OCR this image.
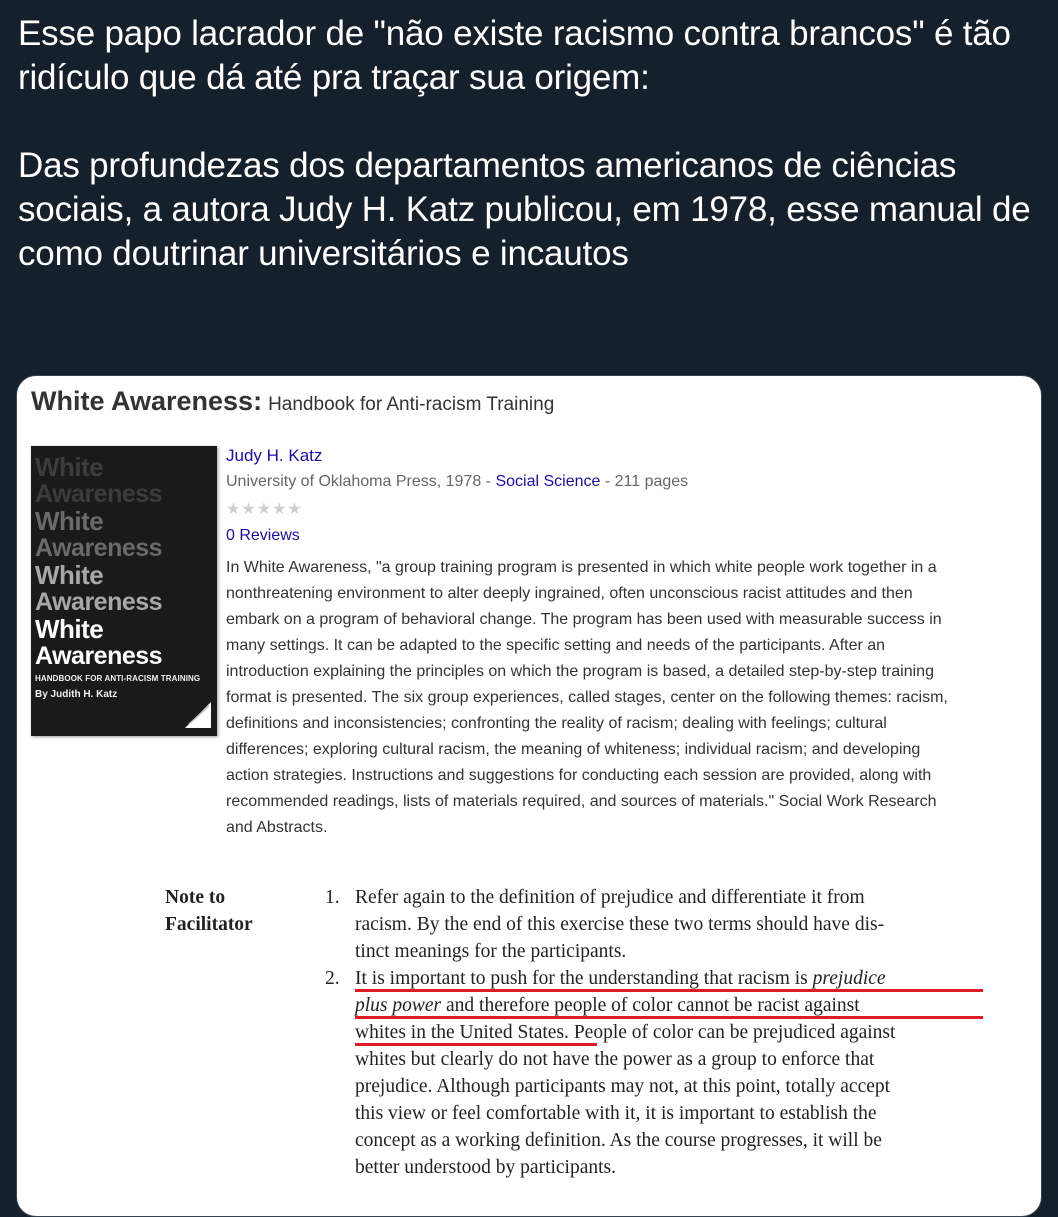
Esse papo lacrador de "não existe racismo contra brancos" é tão ridículo que dá até pra traçar sua origem:

Das profundezas dos departamentos americanos de ciências sociais, a autora Judy H. Katz publicou, em 1978, esse manual de como doutrinar universitários e incautos

White Awareness: Handbook for Anti-racism Training
White
Awareness
White
Awareness
White
Awareness
White
Awareness
HANDBOOK FOR ANTI-RACISM TRAINING
By Judith H. Katz
Judy H. Katz
University of Oklahoma Press, 1978 - Social Science - 211 pages
★★★★★
0 Reviews
In White Awareness, "a group training program is presented in which white people work together in a
nonthreatening environment to alter deeply ingrained, often unconscious racist attitudes and then
embark on a program of behavioral change. The program has been used with measurable success in
many settings. It can be adapted to the specific setting and needs of the participants. After an
introduction explaining the principles on which the program is based, a detailed step-by-step training
format is presented. The six group experiences, called stages, center on the following themes: racism,
definitions and inconsistencies; confronting the reality of racism; dealing with feelings; cultural
differences; exploring cultural racism, the meaning of whiteness; individual racism; and developing
action strategies. Instructions and suggestions for conducting each session are provided, along with
recommended readings, lists of materials required, and sources of materials." Social Work Research
and Abstracts.
Note to
Facilitator
1. Refer again to the definition of prejudice and differentiate it from
racism. By the end of this exercise these two terms should have dis-
tinct meanings for the participants.
2. It is important to push for the understanding that racism is prejudice
plus power and therefore people of color cannot be racist against
whites in the United States. People of color can be prejudiced against
whites but clearly do not have the power as a group to enforce that
prejudice. Although participants may not, at this point, totally accept
this view or feel comfortable with it, it is important to establish the
concept as a working definition. As the course progresses, it will be
better understood by participants.
